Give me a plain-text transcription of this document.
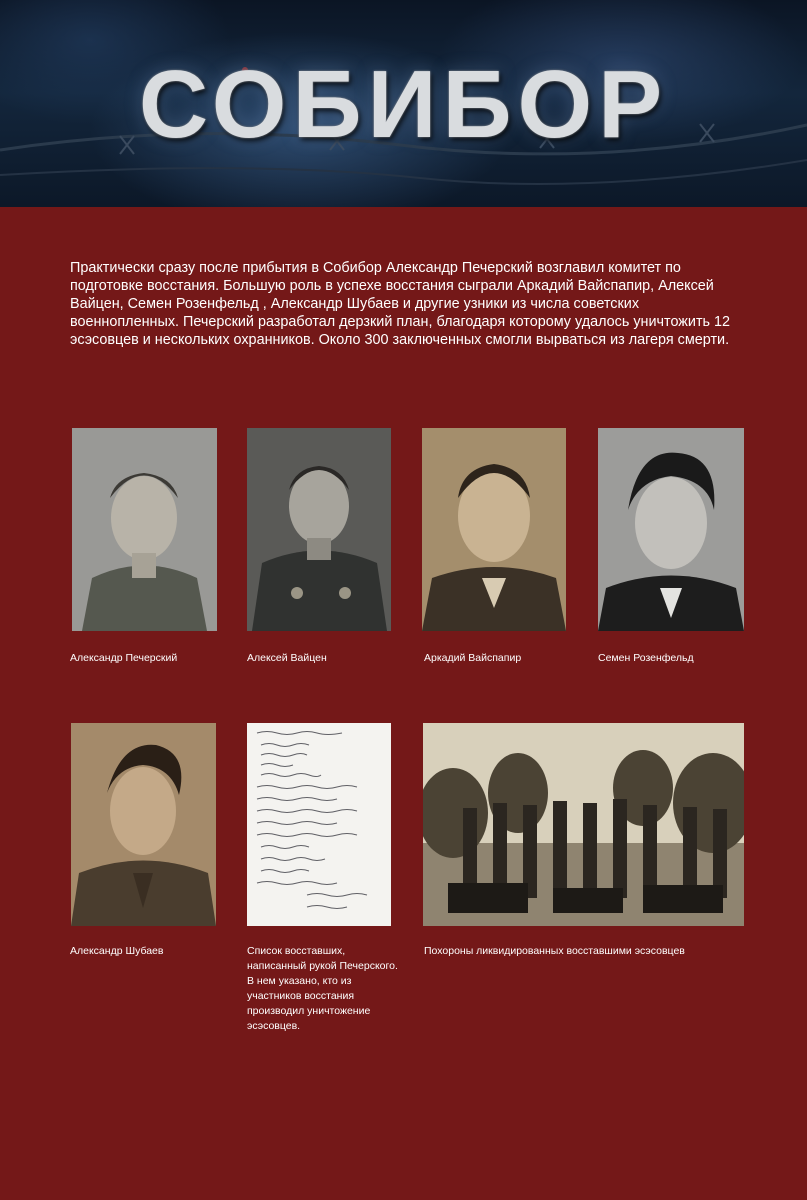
СОБИБОР

Практически сразу после прибытия в Собибор Александр Печерский возглавил комитет по подготовке восстания. Большую роль в успехе восстания сыграли Аркадий Вайспапир, Алексей Вайцен, Семен Розенфельд , Александр Шубаев и другие узники из числа советских военнопленных. Печерский разработал дерзкий план, благодаря которому удалось уничтожить 12 эсэсовцев и нескольких охранников. Около 300 заключенных смогли вырваться из лагеря смерти.

Александр Печерский	Алексей Вайцен	Аркадий Вайспапир	Семен Розенфельд

Александр Шубаев	Список восставших,
написанный рукой Печерского.
В нем указано, кто из
участников восстания
производил уничтожение
эсэсовцев.

Похороны ликвидированных восставшими эсэсовцев
